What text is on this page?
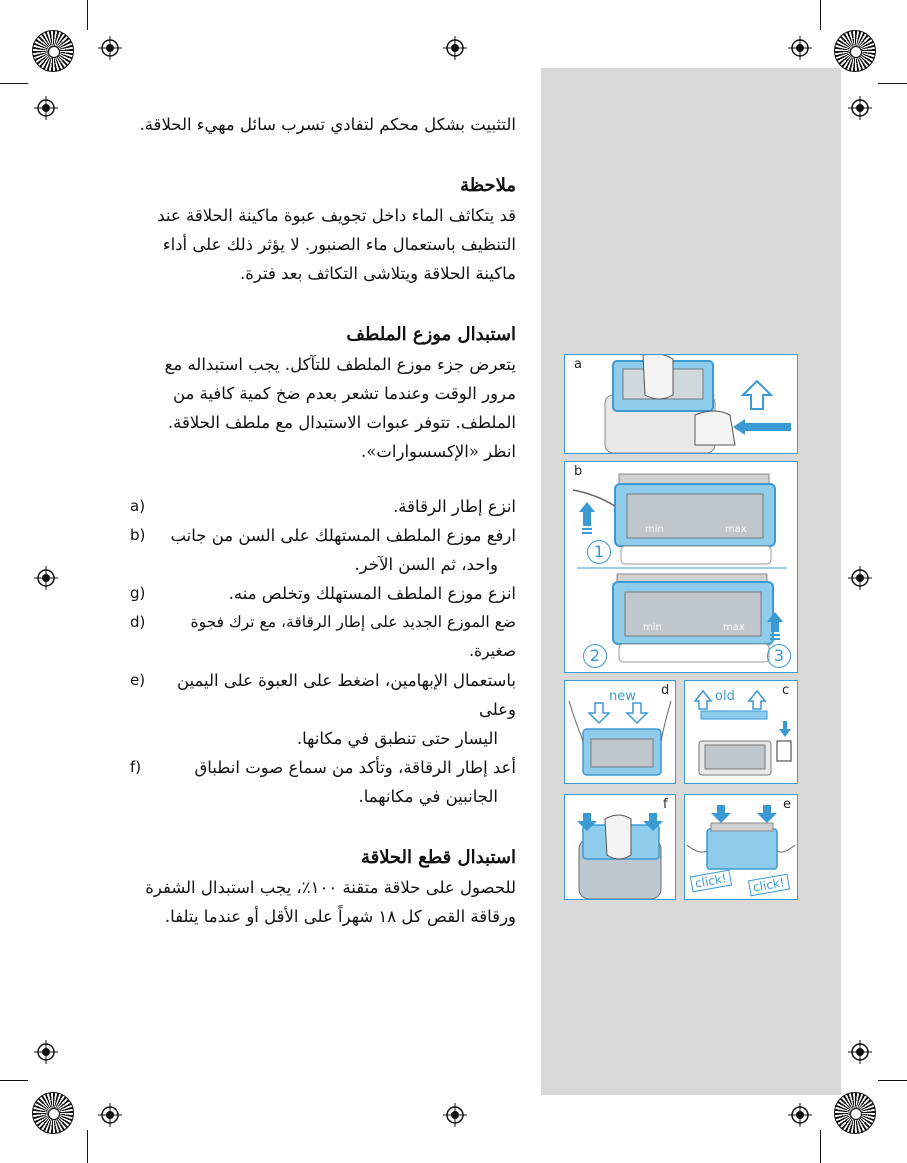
التثبيت بشكل محكم لتفادي تسرب سائل مهيء الحلاقة.

ملاحظة

قد يتكاثف الماء داخل تجويف عبوة ماكينة الحلاقة عند التنظيف باستعمال ماء الصنبور. لا يؤثر ذلك على أداء ماكينة الحلاقة ويتلاشى التكاثف بعد فترة.

استبدال موزع الملطف

يتعرض جزء موزع الملطف للتآكل. يجب استبداله مع مرور الوقت وعندما تشعر بعدم ضخ كمية كافية من الملطف. تتوفر عبوات الاستبدال مع ملطف الحلاقة.

انظر «الإكسسوارات».

a)	انزع إطار الرقاقة.
b)	ارفع موزع الملطف المستهلك على السن من جانب
واحد، ثم السن الآخر.
g)	انزع موزع الملطف المستهلك وتخلص منه.
d)	ضع الموزع الجديد على إطار الرقاقة، مع ترك فجوة صغيرة.
e)	باستعمال الإبهامين، اضغط على العبوة على اليمين وعلى
اليسار حتى تنطبق في مكانها.
f)	أعد إطار الرقاقة، وتأكد من سماع صوت انطباق
الجانبين في مكانهما.
استبدال قطع الحلاقة

للحصول على حلاقة متقنة ١٠٠٪، يجب استبدال الشفرة ورقاقة القص كل ١٨ شهراً على الأقل أو عندما يتلفا.

a
b
min	max
1
min	max
2	3
d
new	c
old
f	e
click!	click!
